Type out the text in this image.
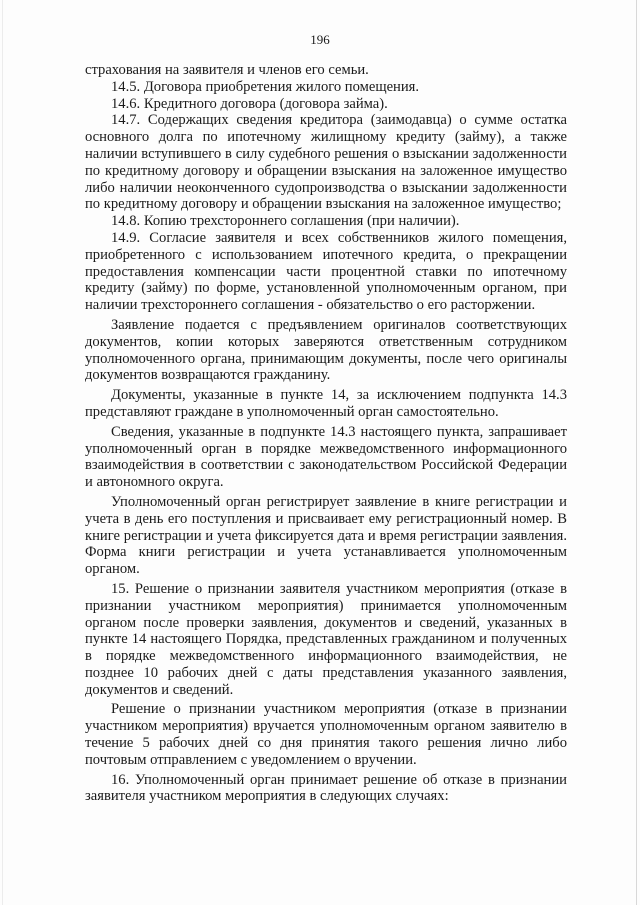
196

страхования на заявителя и членов его семьи.

14.5. Договора приобретения жилого помещения.

14.6. Кредитного договора (договора займа).

14.7. Содержащих сведения кредитора (заимодавца) о сумме остатка основного долга по ипотечному жилищному кредиту (займу), а также наличии вступившего в силу судебного решения о взыскании задолженности по кредитному договору и обращении взыскания на заложенное имущество либо наличии неоконченного судопроизводства о взыскании задолженности по кредитному договору и обращении взыскания на заложенное имущество;

14.8. Копию трехстороннего соглашения (при наличии).

14.9. Согласие заявителя и всех собственников жилого помещения, приобретенного с использованием ипотечного кредита, о прекращении предоставления компенсации части процентной ставки по ипотечному кредиту (займу) по форме, установленной уполномоченным органом, при наличии трехстороннего соглашения - обязательство о его расторжении.

Заявление подается с предъявлением оригиналов соответствующих документов, копии которых заверяются ответственным сотрудником уполномоченного органа, принимающим документы, после чего оригиналы документов возвращаются гражданину.

Документы, указанные в пункте 14, за исключением подпункта 14.3 представляют граждане в уполномоченный орган самостоятельно.

Сведения, указанные в подпункте 14.3 настоящего пункта, запрашивает уполномоченный орган в порядке межведомственного информационного взаимодействия в соответствии с законодательством Российской Федерации и автономного округа.

Уполномоченный орган регистрирует заявление в книге регистрации и учета в день его поступления и присваивает ему регистрационный номер. В книге регистрации и учета фиксируется дата и время регистрации заявления. Форма книги регистрации и учета устанавливается уполномоченным органом.

15. Решение о признании заявителя участником мероприятия (отказе в признании участником мероприятия) принимается уполномоченным органом после проверки заявления, документов и сведений, указанных в пункте 14 настоящего Порядка, представленных гражданином и полученных в порядке межведомственного информационного взаимодействия, не позднее 10 рабочих дней с даты представления указанного заявления, документов и сведений.

Решение о признании участником мероприятия (отказе в признании участником мероприятия) вручается уполномоченным органом заявителю в течение 5 рабочих дней со дня принятия такого решения лично либо почтовым отправлением с уведомлением о вручении.

16. Уполномоченный орган принимает решение об отказе в признании заявителя участником мероприятия в следующих случаях:
